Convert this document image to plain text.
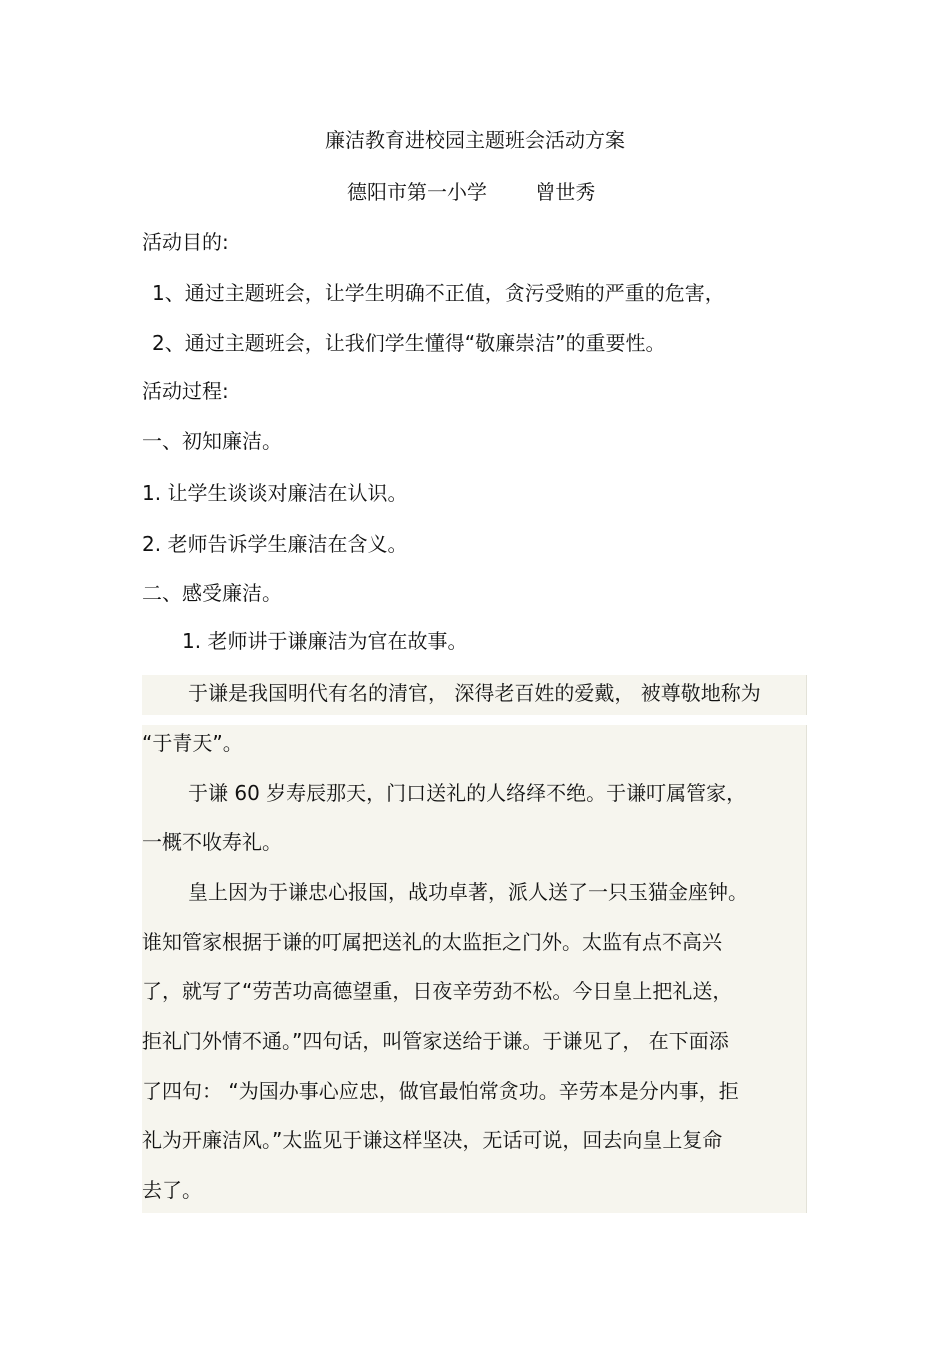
廉洁教育进校园主题班会活动方案
德阳市第一小学 曾世秀
活动目的:
1、通过主题班会，让学生明确不正值，贪污受贿的严重的危害，
2、通过主题班会，让我们学生懂得“敬廉崇洁”的重要性。
活动过程:
一、初知廉洁。
1. 让学生谈谈对廉洁在认识。
2. 老师告诉学生廉洁在含义。
二、感受廉洁。
1. 老师讲于谦廉洁为官在故事。
于谦是我国明代有名的清官， 深得老百姓的爱戴， 被尊敬地称为
“于青天”。
于谦 60 岁寿辰那天，门口送礼的人络绎不绝。于谦叮属管家，
一概不收寿礼。
皇上因为于谦忠心报国，战功卓著，派人送了一只玉猫金座钟。
谁知管家根据于谦的叮属把送礼的太监拒之门外。太监有点不高兴
了，就写了“劳苦功高德望重，日夜辛劳劲不松。今日皇上把礼送，
拒礼门外情不通。”四句话，叫管家送给于谦。于谦见了， 在下面添
了四句： “为国办事心应忠，做官最怕常贪功。辛劳本是分内事，拒
礼为开廉洁风。”太监见于谦这样坚决，无话可说，回去向皇上复命
去了。
